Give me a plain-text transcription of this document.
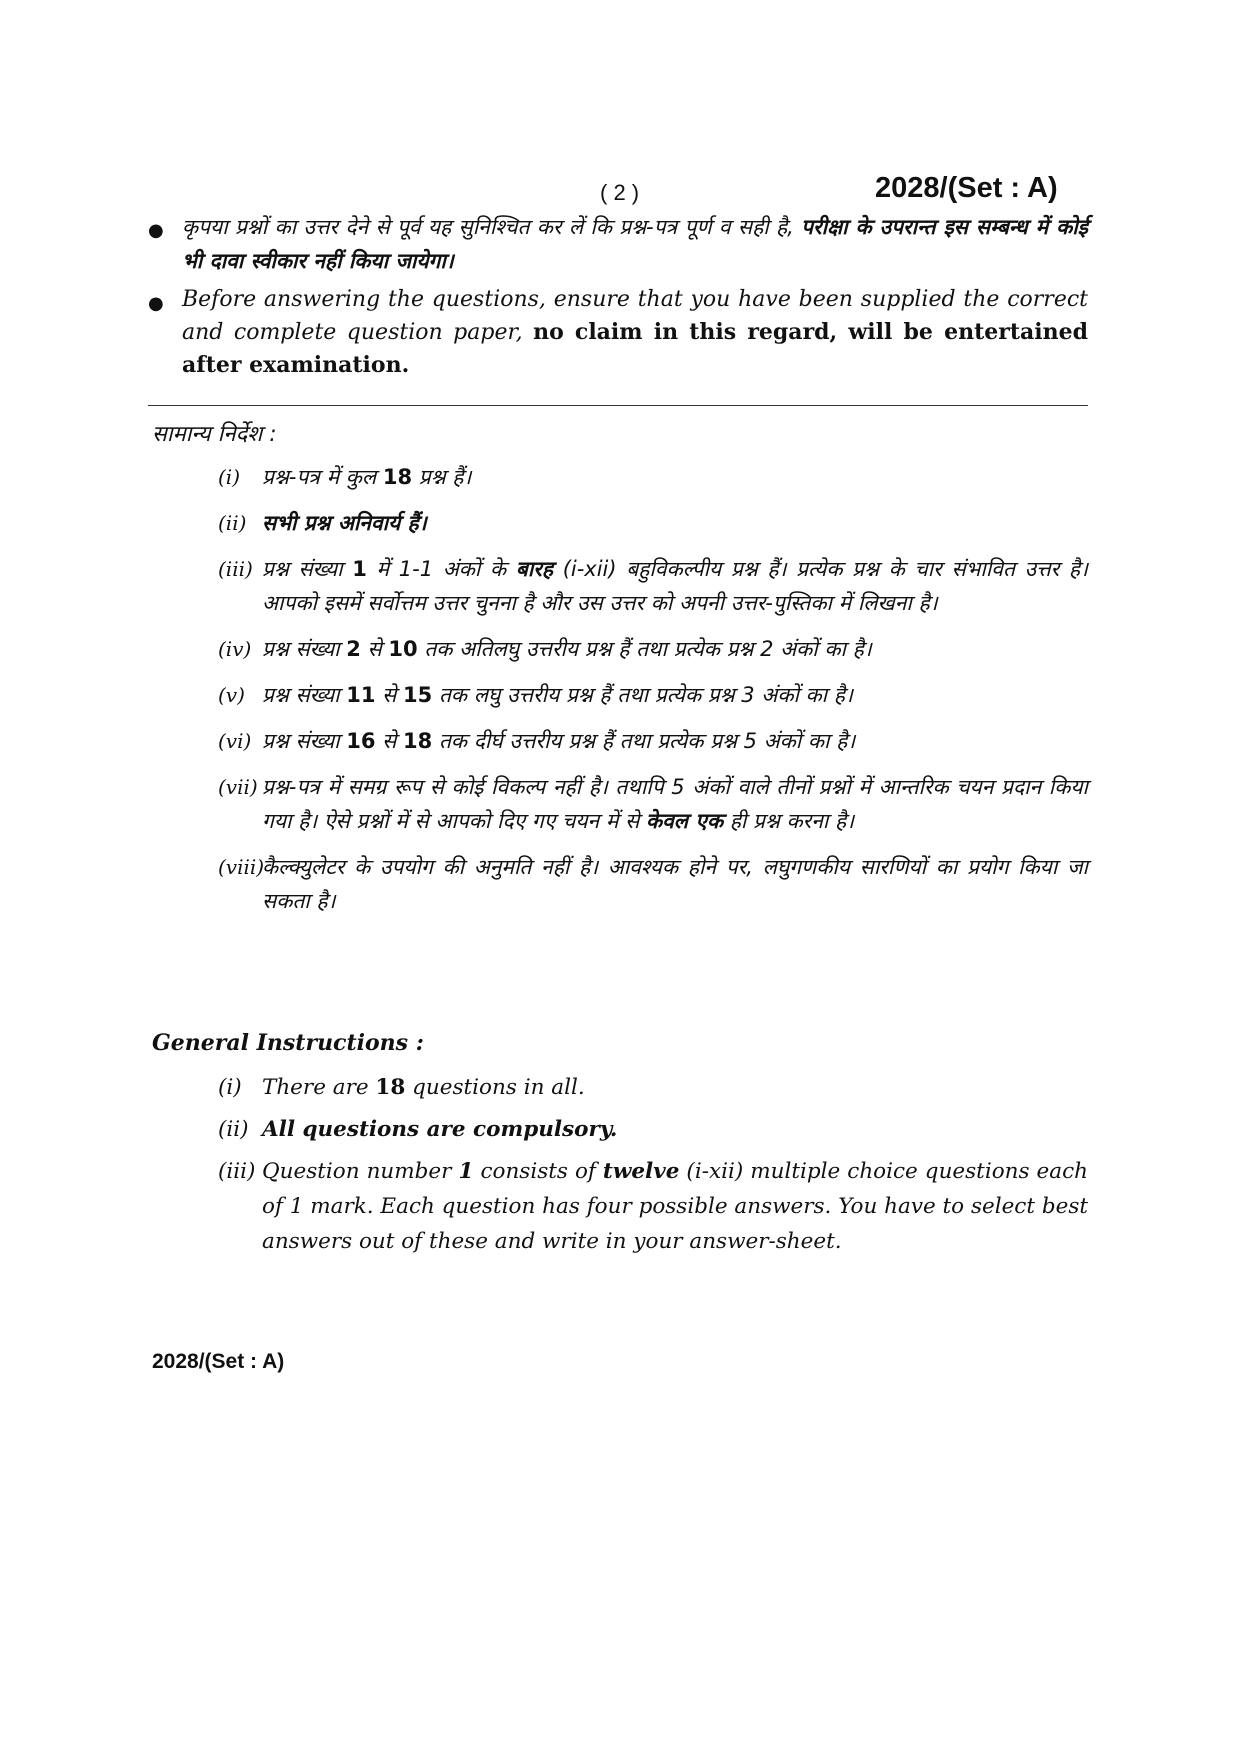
( 2 )	2028/(Set : A)
● कृपया प्रश्नों का उत्तर देने से पूर्व यह सुनिश्चित कर लें कि प्रश्न-पत्र पूर्ण व सही है, परीक्षा के उपरान्त इस सम्बन्ध में कोई भी दावा स्वीकार नहीं किया जायेगा।
● Before answering the questions, ensure that you have been supplied the correct and complete question paper, no claim in this regard, will be entertained after examination.
सामान्य निर्देश :
(i) प्रश्न-पत्र में कुल 18 प्रश्न हैं।
(ii) सभी प्रश्न अनिवार्य हैं।
(iii) प्रश्न संख्या 1 में 1-1 अंकों के बारह (i-xii) बहुविकल्पीय प्रश्न हैं। प्रत्येक प्रश्न के चार संभावित उत्तर है। आपको इसमें सर्वोत्तम उत्तर चुनना है और उस उत्तर को अपनी उत्तर-पुस्तिका में लिखना है।
(iv) प्रश्न संख्या 2 से 10 तक अतिलघु उत्तरीय प्रश्न हैं तथा प्रत्येक प्रश्न 2 अंकों का है।
(v) प्रश्न संख्या 11 से 15 तक लघु उत्तरीय प्रश्न हैं तथा प्रत्येक प्रश्न 3 अंकों का है।
(vi) प्रश्न संख्या 16 से 18 तक दीर्घ उत्तरीय प्रश्न हैं तथा प्रत्येक प्रश्न 5 अंकों का है।
(vii) प्रश्न-पत्र में समग्र रूप से कोई विकल्प नहीं है। तथापि 5 अंकों वाले तीनों प्रश्नों में आन्तरिक चयन प्रदान किया गया है। ऐसे प्रश्नों में से आपको दिए गए चयन में से केवल एक ही प्रश्न करना है।
(viii)
कैल्क्युलेटर के उपयोग की अनुमति नहीं है। आवश्यक होने पर, लघुगणकीय सारणियों का प्रयोग किया जा सकता है।
General Instructions :
(i) There are 18 questions in all.
(ii) All questions are compulsory.
(iii) Question number 1 consists of twelve (i-xii) multiple choice questions each of 1 mark. Each question has four possible answers. You have to select best answers out of these and write in your answer-sheet.
2028/(Set : A)
